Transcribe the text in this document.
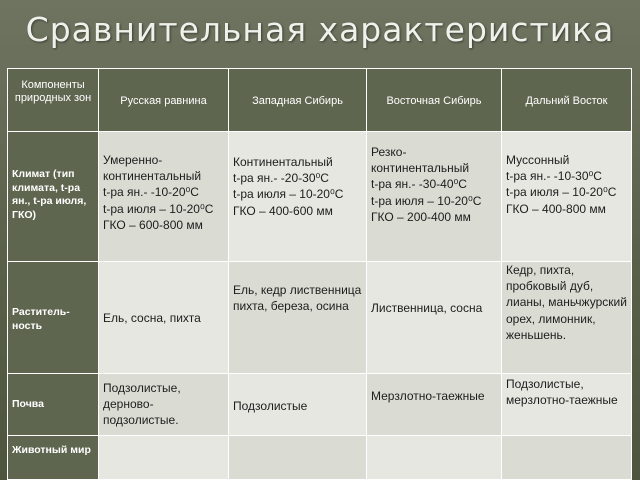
Сравнительная характеристика
Компоненты природных зон	Русская равнина	Западная Сибирь	Восточная Сибирь	Дальний Восток

Климат (тип климата, t-ра ян., t-ра июля, ГКО)	Умеренно-континентальный
t-ра ян.- -10-20⁰С
t-ра июля – 10-20⁰С
ГКО – 600-800 мм	Континентальный
t-ра ян.- -20-30⁰С
t-ра июля – 10-20⁰С
ГКО – 400-600 мм	Резко-континентальный
t-ра ян.- -30-40⁰С
t-ра июля – 10-20⁰С
ГКО – 200-400 мм	Муссонный
t-ра ян.- -10-30⁰С
t-ра июля – 10-20⁰С
ГКО – 400-800 мм

Раститель-ность	Ель, сосна, пихта	Ель, кедр лиственница пихта, береза, осина	Лиственница, сосна	Кедр, пихта, пробковый дуб, лианы, маньчжурский орех, лимонник, женьшень.

Почва	Подзолистые, дерново-подзолистые.	Подзолистые	Мерзлотно-таежные	Подзолистые, мерзлотно-таежные

Животный мир				
